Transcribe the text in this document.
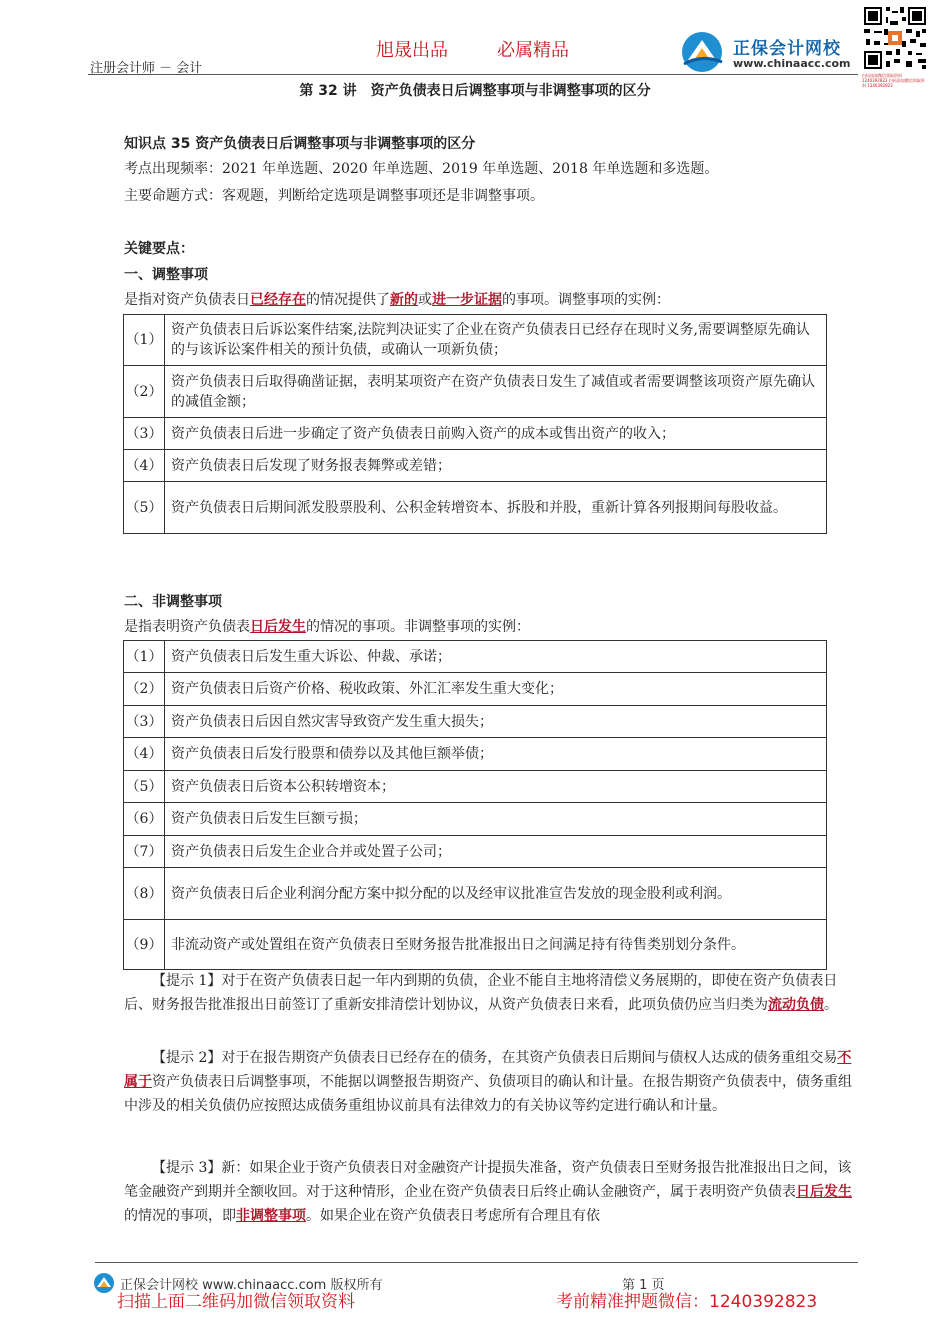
注册会计师 － 会计
旭晟出品	必属精品	正保会计网校
www.chinaacc.com
扫码添加微信领取资料 1240392823 扫码添加微信领取资料 1240392823
第 32 讲　资产负债表日后调整事项与非调整事项的区分
知识点 35 资产负债表日后调整事项与非调整事项的区分
考点出现频率：2021 年单选题、2020 年单选题、2019 年单选题、2018 年单选题和多选题。
主要命题方式：客观题，判断给定选项是调整事项还是非调整事项。
关键要点：
一、调整事项
是指对资产负债表日已经存在的情况提供了新的或进一步证据的事项。调整事项的实例：
（1）	资产负债表日后诉讼案件结案,法院判决证实了企业在资产负债表日已经存在现时义务,需要调整原先确认的与该诉讼案件相关的预计负债，或确认一项新负债；
（2）	资产负债表日后取得确凿证据，表明某项资产在资产负债表日发生了减值或者需要调整该项资产原先确认的减值金额；
（3）	资产负债表日后进一步确定了资产负债表日前购入资产的成本或售出资产的收入；
（4）	资产负债表日后发现了财务报表舞弊或差错；
（5）	资产负债表日后期间派发股票股利、公积金转增资本、拆股和并股，重新计算各列报期间每股收益。
二、非调整事项
是指表明资产负债表日后发生的情况的事项。非调整事项的实例：
（1）	资产负债表日后发生重大诉讼、仲裁、承诺；
（2）	资产负债表日后资产价格、税收政策、外汇汇率发生重大变化；
（3）	资产负债表日后因自然灾害导致资产发生重大损失；
（4）	资产负债表日后发行股票和债券以及其他巨额举债；
（5）	资产负债表日后资本公积转增资本；
（6）	资产负债表日后发生巨额亏损；
（7）	资产负债表日后发生企业合并或处置子公司；
（8）	资产负债表日后企业利润分配方案中拟分配的以及经审议批准宣告发放的现金股利或利润。
（9）	非流动资产或处置组在资产负债表日至财务报告批准报出日之间满足持有待售类别划分条件。
【提示 1】对于在资产负债表日起一年内到期的负债，企业不能自主地将清偿义务展期的，即使在资产负债表日后、财务报告批准报出日前签订了重新安排清偿计划协议，从资产负债表日来看，此项负债仍应当归类为流动负债。
【提示 2】对于在报告期资产负债表日已经存在的债务，在其资产负债表日后期间与债权人达成的债务重组交易不属于资产负债表日后调整事项，不能据以调整报告期资产、负债项目的确认和计量。在报告期资产负债表中，债务重组中涉及的相关负债仍应按照达成债务重组协议前具有法律效力的有关协议等约定进行确认和计量。
【提示 3】新：如果企业于资产负债表日对金融资产计提损失准备，资产负债表日至财务报告批准报出日之间，该笔金融资产到期并全额收回。对于这种情形，企业在资产负债表日后终止确认金融资产，属于表明资产负债表日后发生的情况的事项，即非调整事项。如果企业在资产负债表日考虑所有合理且有依
正保会计网校 www.chinaacc.com 版权所有	第 1 页
扫描上面二维码加微信领取资料	考前精准押题微信：1240392823
